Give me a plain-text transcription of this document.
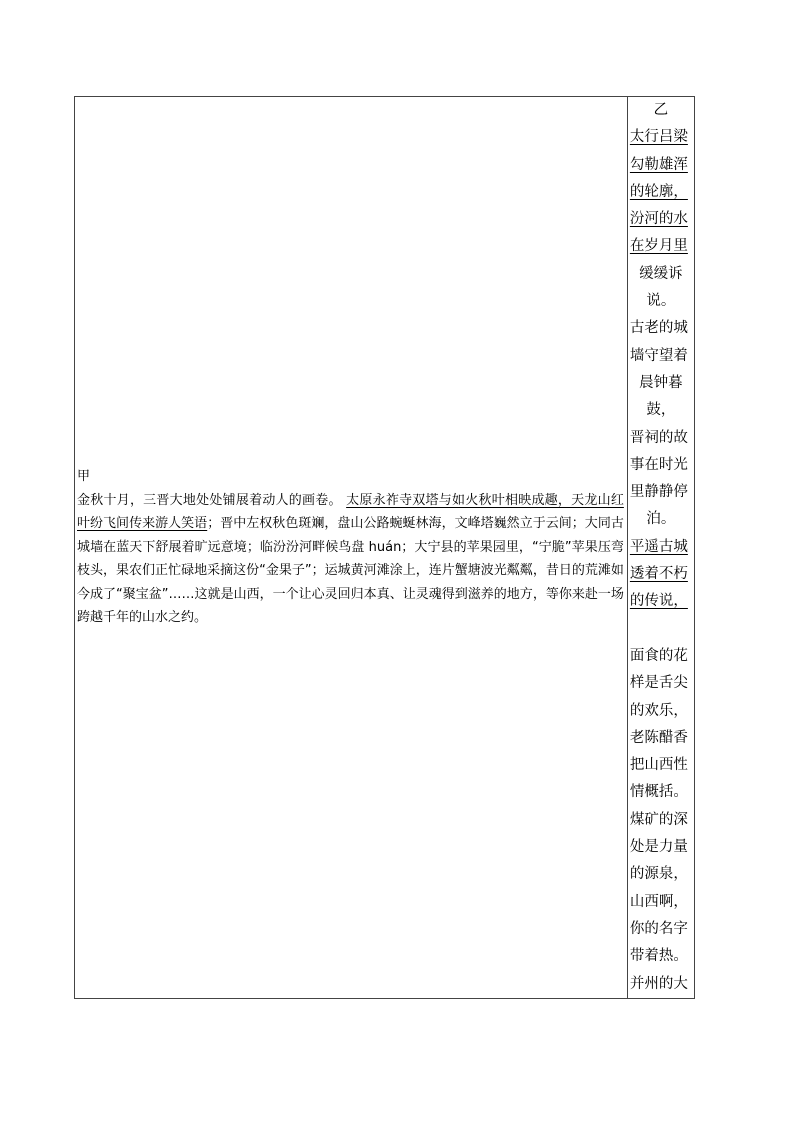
甲
金秋十月，三晋大地处处铺展着动人的画卷。 太原永祚寺双塔与如火秋叶相映成趣，天龙山红叶纷飞间传来游人笑语；晋中左权秋色斑斓，盘山公路蜿蜒林海，文峰塔巍然立于云间；大同古城墙在蓝天下舒展着旷远意境；临汾汾河畔候鸟盘 huán；大宁县的苹果园里，“宁脆”苹果压弯枝头，果农们正忙碌地采摘这份“金果子”；运城黄河滩涂上，连片蟹塘波光粼粼，昔日的荒滩如今成了“聚宝盆”……这就是山西，一个让心灵回归本真、让灵魂得到滋养的地方，等你来赴一场跨越千年的山水之约。

乙
太行吕梁勾勒雄浑
的轮廓，
汾河的水在岁月里
缓缓诉
说。
古老的城墙守望着
晨钟暮
鼓，
晋祠的故事在时光里静静停
泊。
平遥古城透着不朽
的传说，
面食的花样是舌尖的欢乐，老陈醋香把山西性情概括。煤矿的深处是力量的源泉，山西啊，你的名字带着热。并州的大
